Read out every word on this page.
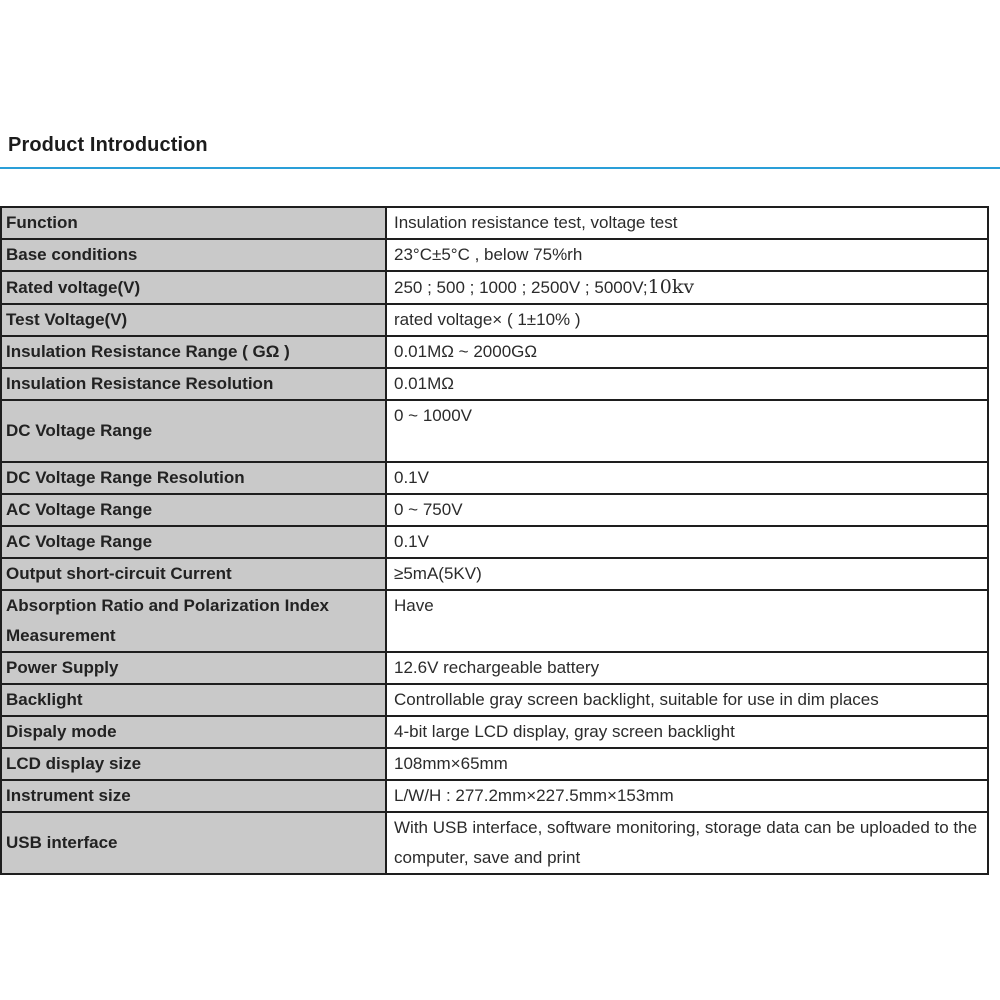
Product Introduction
Function	Insulation resistance test, voltage test
Base conditions	23°C±5°C , below 75%rh
Rated voltage(V)	250 ; 500 ; 1000 ; 2500V ; 5000V;10kv
Test Voltage(V)	rated voltage× ( 1±10% )
Insulation Resistance Range ( GΩ )	0.01MΩ ~ 2000GΩ
Insulation Resistance Resolution	0.01MΩ
DC Voltage Range	0 ~ 1000V
DC Voltage Range Resolution	0.1V
AC Voltage Range	0 ~ 750V
AC Voltage Range	0.1V
Output short-circuit Current	≥5mA(5KV)
Absorption Ratio and Polarization Index Measurement	Have
Power Supply	12.6V rechargeable battery
Backlight	Controllable gray screen backlight, suitable for use in dim places
Dispaly mode	4-bit large LCD display, gray screen backlight
LCD display size	108mm×65mm
Instrument size	L/W/H : 277.2mm×227.5mm×153mm
USB interface	With USB interface, software monitoring, storage data can be uploaded to the computer, save and print
